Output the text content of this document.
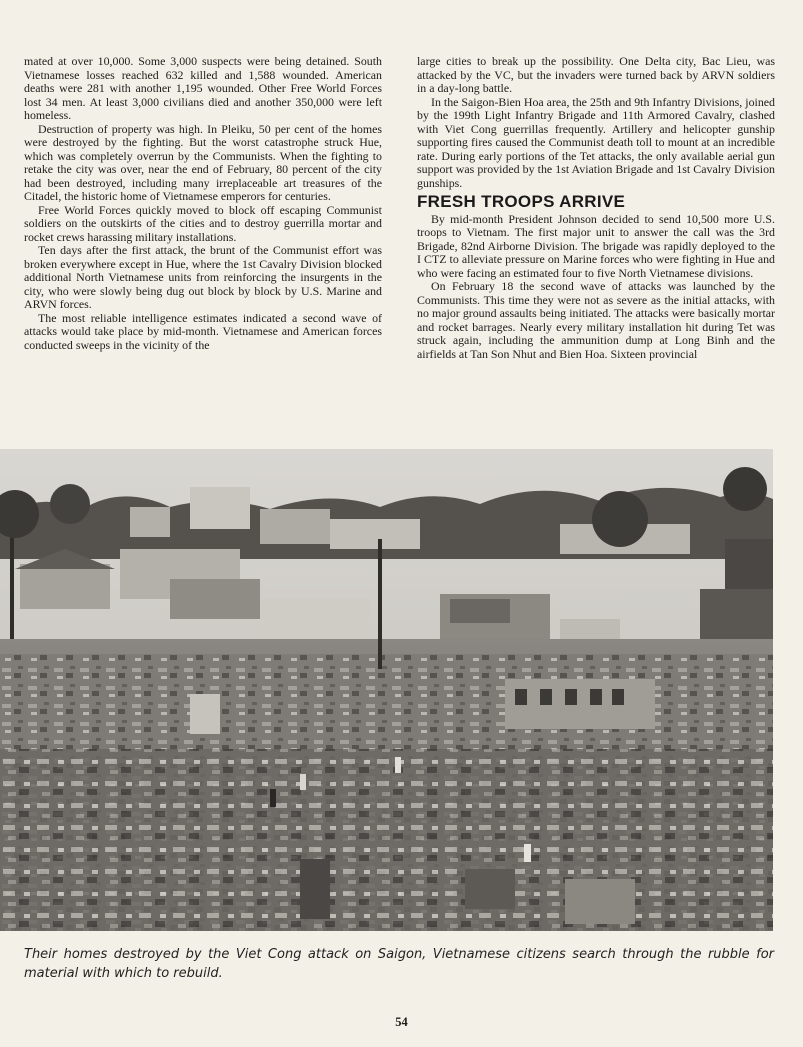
mated at over 10,000. Some 3,000 suspects were being detained. South Vietnamese losses reached 632 killed and 1,588 wounded. American deaths were 281 with another 1,195 wounded. Other Free World Forces lost 34 men. At least 3,000 civilians died and another 350,000 were left homeless.

Destruction of property was high. In Pleiku, 50 per cent of the homes were destroyed by the fighting. But the worst catastrophe struck Hue, which was completely overrun by the Communists. When the fighting to retake the city was over, near the end of February, 80 percent of the city had been destroyed, including many irreplaceable art treasures of the Citadel, the historic home of Vietnamese emperors for centuries.

Free World Forces quickly moved to block off escaping Communist soldiers on the outskirts of the cities and to destroy guerrilla mortar and rocket crews harassing military installations.

Ten days after the first attack, the brunt of the Communist effort was broken everywhere except in Hue, where the 1st Cavalry Division blocked additional North Vietnamese units from reinforcing the insurgents in the city, who were slowly being dug out block by block by U.S. Marine and ARVN forces.

The most reliable intelligence estimates indicated a second wave of attacks would take place by mid-month. Vietnamese and American forces conducted sweeps in the vicinity of the

large cities to break up the possibility. One Delta city, Bac Lieu, was attacked by the VC, but the invaders were turned back by ARVN soldiers in a day-long battle.

In the Saigon-Bien Hoa area, the 25th and 9th Infantry Divisions, joined by the 199th Light Infantry Brigade and 11th Armored Cavalry, clashed with Viet Cong guerrillas frequently. Artillery and helicopter gunship supporting fires caused the Communist death toll to mount at an incredible rate. During early portions of the Tet attacks, the only available aerial gun support was provided by the 1st Aviation Brigade and 1st Cavalry Division gunships.

FRESH TROOPS ARRIVE

By mid-month President Johnson decided to send 10,500 more U.S. troops to Vietnam. The first major unit to answer the call was the 3rd Brigade, 82nd Airborne Division. The brigade was rapidly deployed to the I CTZ to alleviate pressure on Marine forces who were fighting in Hue and who were facing an estimated four to five North Vietnamese divisions.

On February 18 the second wave of attacks was launched by the Communists. This time they were not as severe as the initial attacks, with no major ground assaults being initiated. The attacks were basically mortar and rocket barrages. Nearly every military installation hit during Tet was struck again, including the ammunition dump at Long Binh and the airfields at Tan Son Nhut and Bien Hoa. Sixteen provincial

Their homes destroyed by the Viet Cong attack on Saigon, Vietnamese citizens search through the rubble for material with which to rebuild.
54
